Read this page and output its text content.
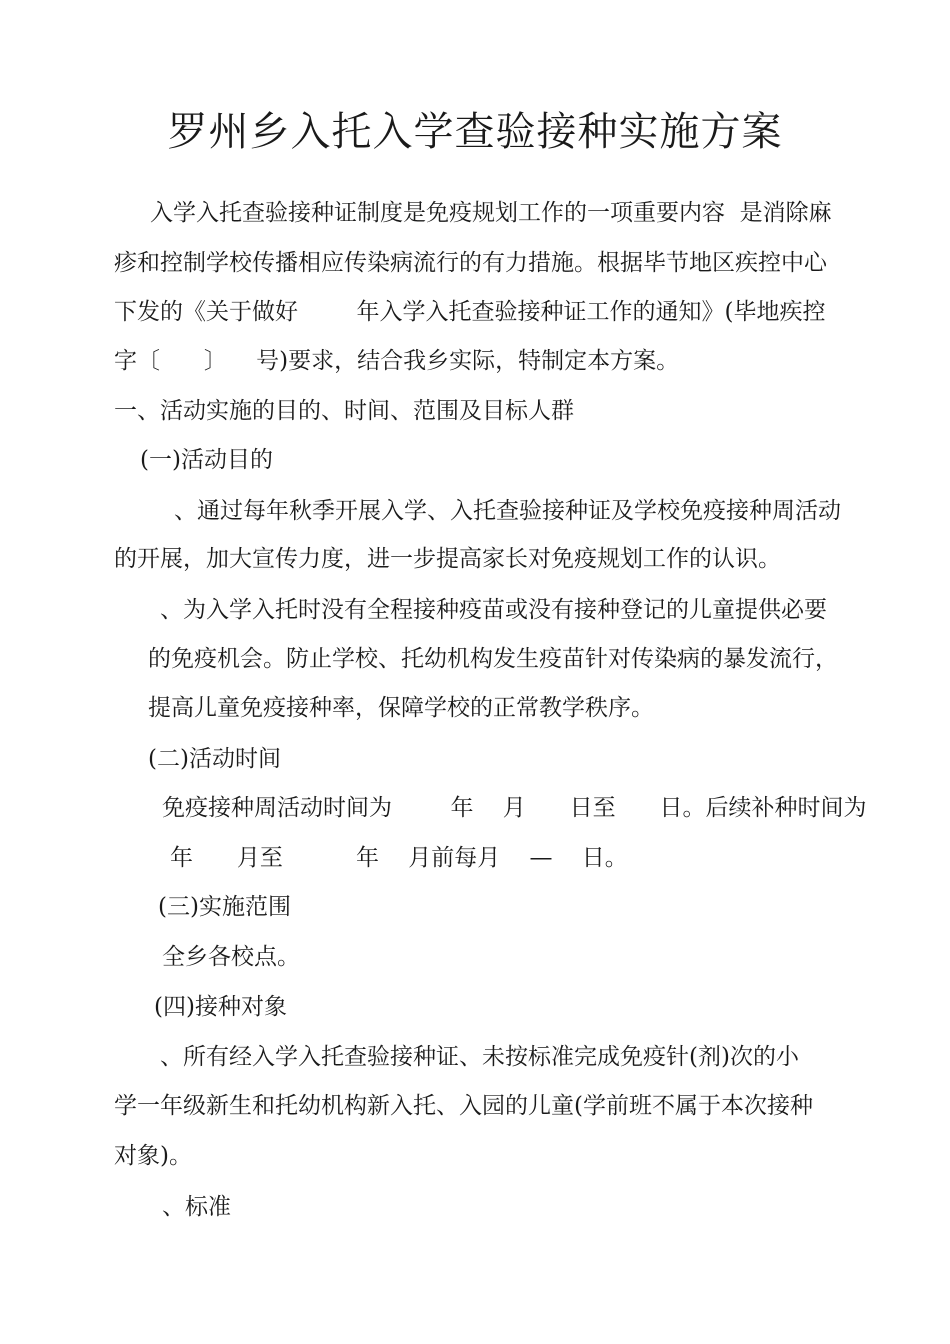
罗州乡入托入学查验接种实施方案

入学入托查验接种证制度是免疫规划工作的一项重要内容  是消除麻

疹和控制学校传播相应传染病流行的有力措施。根据毕节地区疾控中心

下发的《关于做好        年入学入托查验接种证工作的通知》(毕地疾控

字〔      〕    号)要求，结合我乡实际，特制定本方案。

一、活动实施的目的、时间、范围及目标人群

(一)活动目的

、通过每年秋季开展入学、入托查验接种证及学校免疫接种周活动

的开展，加大宣传力度，进一步提高家长对免疫规划工作的认识。

、为入学入托时没有全程接种疫苗或没有接种登记的儿童提供必要

的免疫机会。防止学校、托幼机构发生疫苗针对传染病的暴发流行，

提高儿童免疫接种率，保障学校的正常教学秩序。

(二)活动时间

免疫接种周活动时间为        年    月      日至      日。后续补种时间为

年      月至          年    月前每月    —    日。

(三)实施范围

全乡各校点。

(四)接种对象

、所有经入学入托查验接种证、未按标准完成免疫针(剂)次的小

学一年级新生和托幼机构新入托、入园的儿童(学前班不属于本次接种

对象)。

、标准
